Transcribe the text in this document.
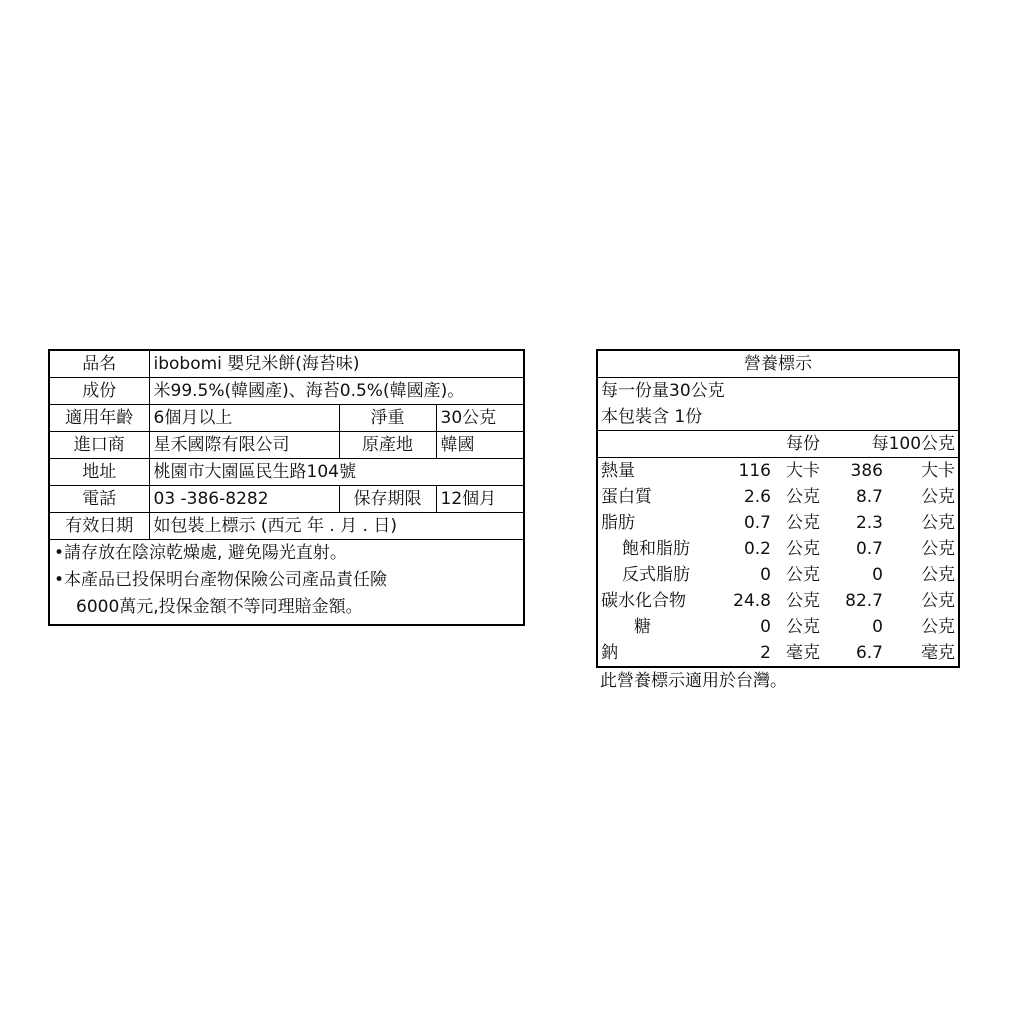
品名	ibobomi 嬰兒米餅(海苔味)		
成份	米99.5%(韓國產)、海苔0.5%(韓國產)。		
適用年齡	6個月以上	淨重	30公克
進口商	星禾國際有限公司	原產地	韓國
地址	桃園市大園區民生路104號		
電話	03 -386-8282	保存期限	12個月
有效日期	如包裝上標示 (西元 年 . 月 . 日)		

•請存放在陰涼乾燥處, 避免陽光直射。
•本產品已投保明台產物保險公司產品責任險
6000萬元,投保金額不等同理賠金額。			
營養標示				
每一份量30公克				
本包裝含 1份				
	每份		每100公克	
熱量	116	大卡	386	大卡
蛋白質	2.6	公克	8.7	公克
脂肪	0.7	公克	2.3	公克
飽和脂肪	0.2	公克	0.7	公克
反式脂肪	0	公克	0	公克
碳水化合物	24.8	公克	82.7	公克
糖	0	公克	0	公克
鈉	2	毫克	6.7	毫克
此營養標示適用於台灣。
